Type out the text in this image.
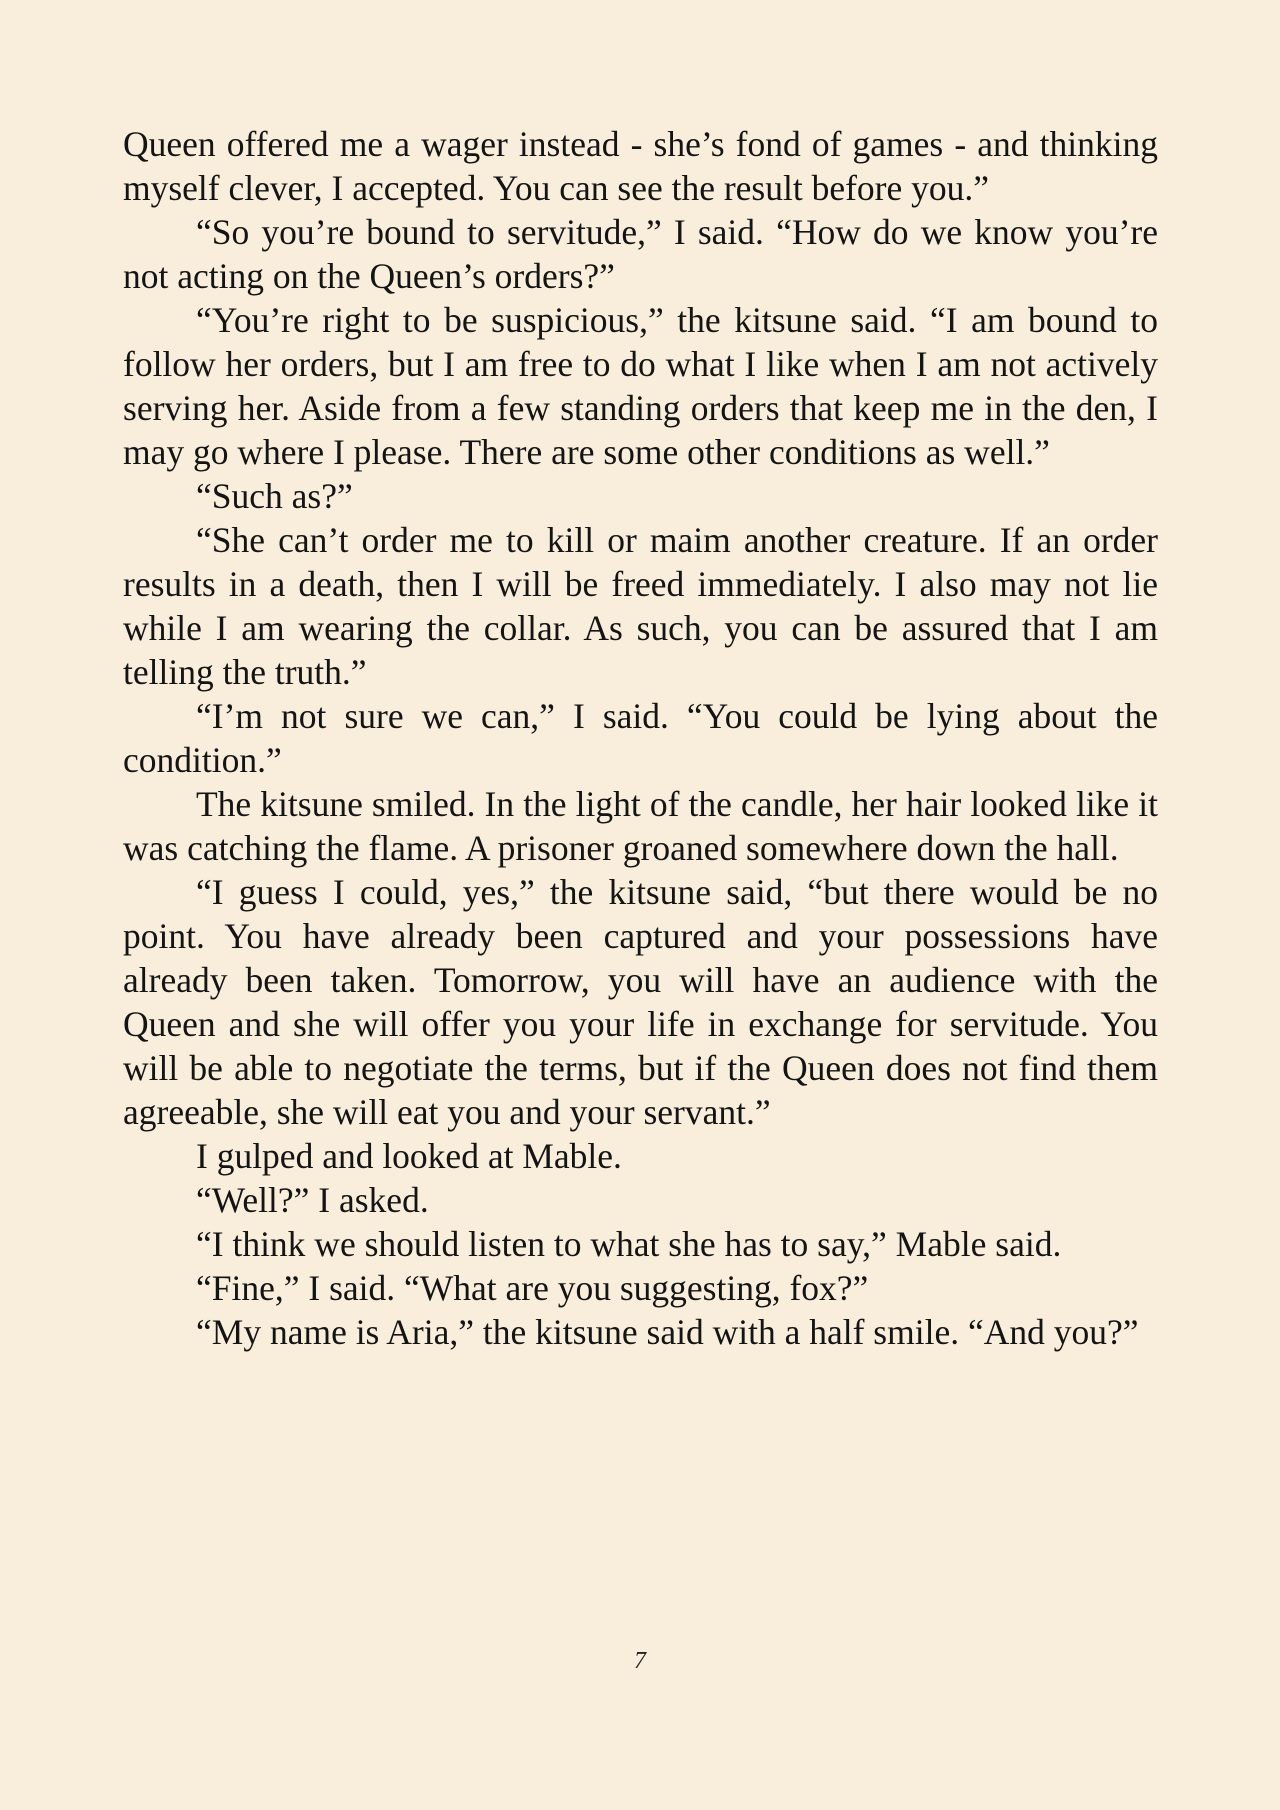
Queen offered me a wager instead - she’s fond of games - and thinking myself clever, I accepted. You can see the result before you.”

“So you’re bound to servitude,” I said. “How do we know you’re not acting on the Queen’s orders?”

“You’re right to be suspicious,” the kitsune said. “I am bound to follow her orders, but I am free to do what I like when I am not actively serving her. Aside from a few standing orders that keep me in the den, I may go where I please. There are some other conditions as well.”

“Such as?”

“She can’t order me to kill or maim another creature. If an order results in a death, then I will be freed immediately. I also may not lie while I am wearing the collar. As such, you can be assured that I am telling the truth.”

“I’m not sure we can,” I said. “You could be lying about the condition.”

The kitsune smiled. In the light of the candle, her hair looked like it was catching the flame. A prisoner groaned somewhere down the hall.

“I guess I could, yes,” the kitsune said, “but there would be no point. You have already been captured and your possessions have already been taken. Tomorrow, you will have an audience with the Queen and she will offer you your life in exchange for servitude. You will be able to negotiate the terms, but if the Queen does not find them agreeable, she will eat you and your servant.”

I gulped and looked at Mable.

“Well?” I asked.

“I think we should listen to what she has to say,” Mable said.

“Fine,” I said. “What are you suggesting, fox?”

“My name is Aria,” the kitsune said with a half smile. “And you?”

7
